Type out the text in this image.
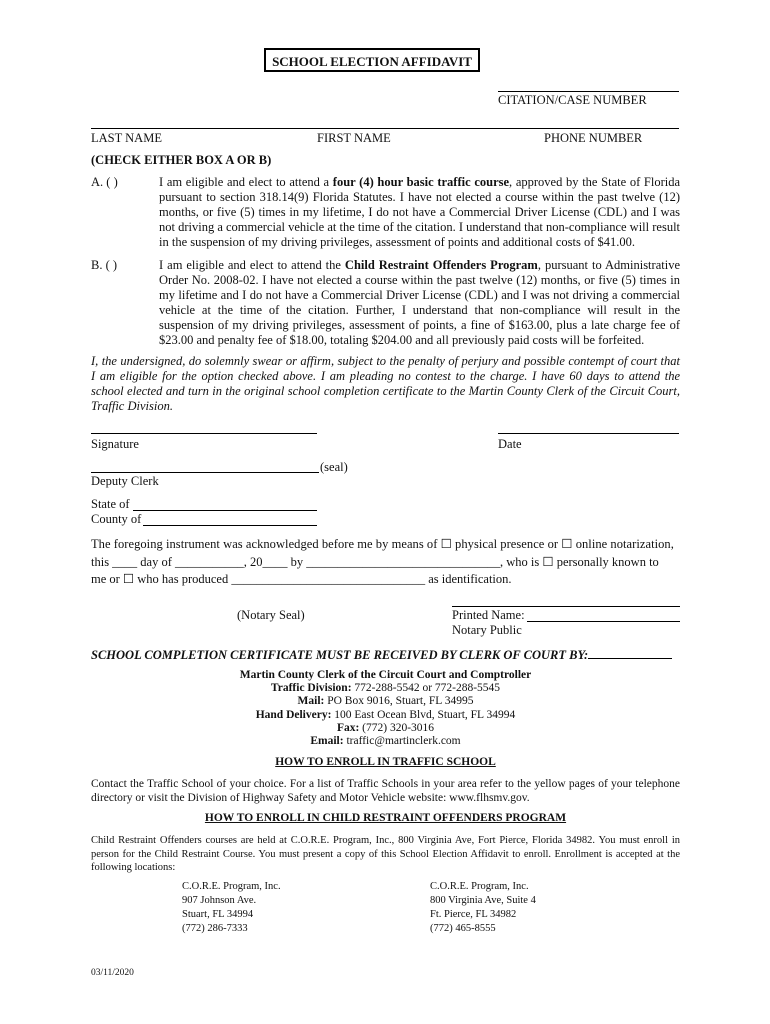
SCHOOL ELECTION AFFIDAVIT
CITATION/CASE NUMBER
LAST NAME	FIRST NAME	PHONE NUMBER
(CHECK EITHER BOX A OR B)
A. ( )	I am eligible and elect to attend a four (4) hour basic traffic course, approved by the State of Florida pursuant to section 318.14(9) Florida Statutes. I have not elected a course within the past twelve (12) months, or five (5) times in my lifetime, I do not have a Commercial Driver License (CDL) and I was not driving a commercial vehicle at the time of the citation. I understand that non-compliance will result in the suspension of my driving privileges, assessment of points and additional costs of $41.00.
B. ( )	I am eligible and elect to attend the Child Restraint Offenders Program, pursuant to Administrative Order No. 2008-02. I have not elected a course within the past twelve (12) months, or five (5) times in my lifetime and I do not have a Commercial Driver License (CDL) and I was not driving a commercial vehicle at the time of the citation. Further, I understand that non-compliance will result in the suspension of my driving privileges, assessment of points, a fine of $163.00, plus a late charge fee of $23.00 and penalty fee of $18.00, totaling $204.00 and all previously paid costs will be forfeited.
I, the undersigned, do solemnly swear or affirm, subject to the penalty of perjury and possible contempt of court that I am eligible for the option checked above. I am pleading no contest to the charge. I have 60 days to attend the school elected and turn in the original school completion certificate to the Martin County Clerk of the Circuit Court, Traffic Division.
Signature	Date
(seal)
Deputy Clerk
State of
County of
The foregoing instrument was acknowledged before me by means of ☐ physical presence or ☐ online notarization,
this ____ day of ___________, 20____ by _______________________________, who is ☐ personally known to
me or ☐ who has produced _______________________________ as identification.
(Notary Seal)	Printed Name:
Notary Public
SCHOOL COMPLETION CERTIFICATE MUST BE RECEIVED BY CLERK OF COURT BY:
Martin County Clerk of the Circuit Court and Comptroller
Traffic Division: 772-288-5542 or 772-288-5545
Mail: PO Box 9016, Stuart, FL 34995
Hand Delivery: 100 East Ocean Blvd, Stuart, FL 34994
Fax: (772) 320-3016
Email: traffic@martinclerk.com
HOW TO ENROLL IN TRAFFIC SCHOOL
Contact the Traffic School of your choice. For a list of Traffic Schools in your area refer to the yellow pages of your telephone directory or visit the Division of Highway Safety and Motor Vehicle website: www.flhsmv.gov.
HOW TO ENROLL IN CHILD RESTRAINT OFFENDERS PROGRAM
Child Restraint Offenders courses are held at C.O.R.E. Program, Inc., 800 Virginia Ave, Fort Pierce, Florida 34982. You must enroll in person for the Child Restraint Course. You must present a copy of this School Election Affidavit to enroll. Enrollment is accepted at the following locations:
C.O.R.E. Program, Inc.
907 Johnson Ave.
Stuart, FL 34994
(772) 286-7333
C.O.R.E. Program, Inc.
800 Virginia Ave, Suite 4
Ft. Pierce, FL 34982
(772) 465-8555
03/11/2020
